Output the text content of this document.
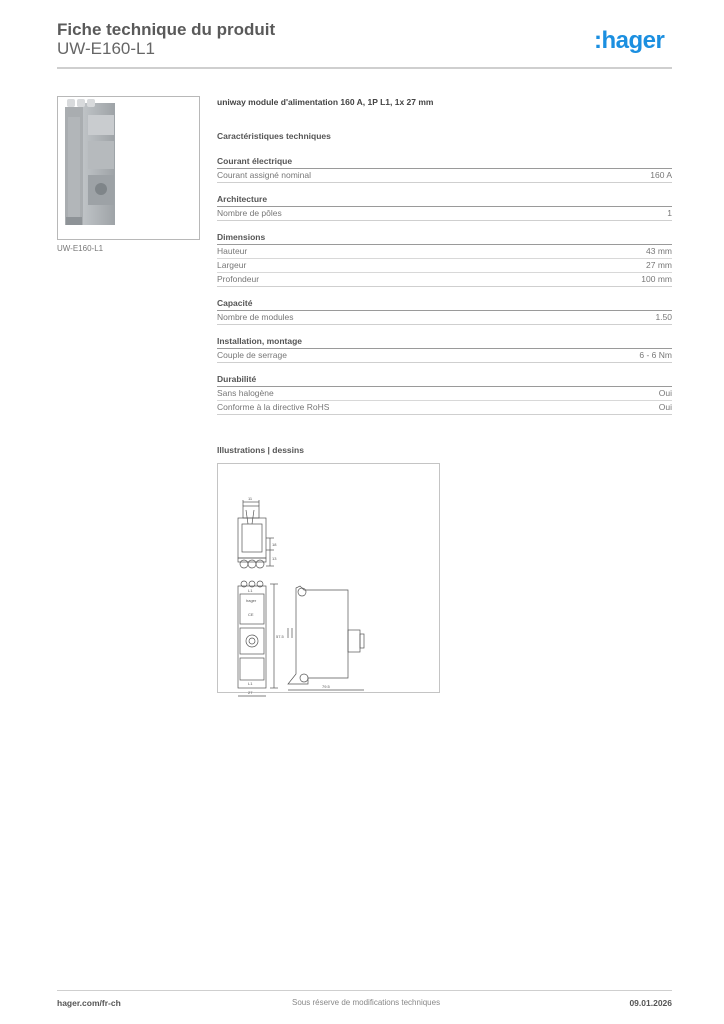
Fiche technique du produit
UW-E160-L1	:hager
UW-E160-L1
uniway module d'alimentation 160 A, 1P L1, 1x 27 mm
Caractéristiques techniques
Courant électrique
Courant assigné nominal	160 A
Architecture
Nombre de pôles	1
Dimensions
Hauteur	43 mm
Largeur	27 mm
Profondeur	100 mm
Capacité
Nombre de modules	1.50
Installation, montage
Couple de serrage	6 - 6 Nm
Durabilité
Sans halogène	Oui
Conforme à la directive RoHS	Oui
Illustrations | dessins
11
18
13
57.5
27
79.5
hager
L1
CE
L1
hager.com/fr-ch	Sous réserve de modifications techniques	09.01.2026
